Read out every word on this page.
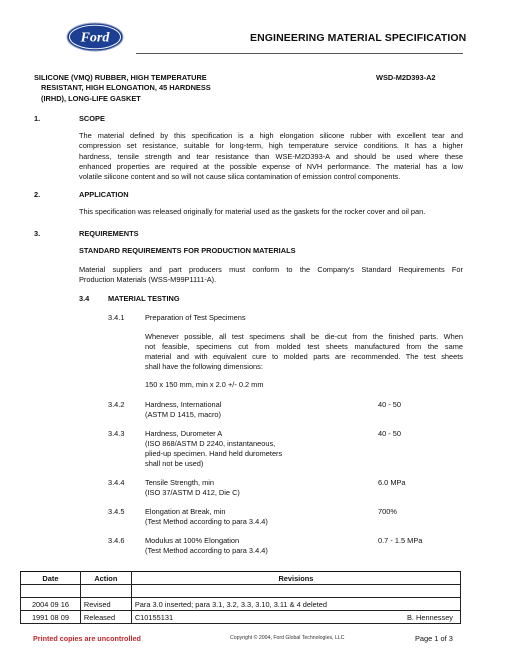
Ford	ENGINEERING MATERIAL SPECIFICATION
SILICONE (VMQ) RUBBER, HIGH TEMPERATURE
RESISTANT, HIGH ELONGATION, 45 HARDNESS
(IRHD), LONG-LIFE GASKET
WSD-M2D393-A2
1.	SCOPE
The material defined by this specification is a high elongation silicone rubber with excellent tear and
compression set resistance, suitable for long-term, high temperature service conditions. It has a higher
hardness, tensile strength and tear resistance than WSE-M2D393-A and should be used where these
enhanced properties are required at the possible expense of NVH performance. The material has a low
volatile silicone content and so will not cause silica contamination of emission control components.
2.	APPLICATION
This specification was released originally for material used as the gaskets for the rocker cover and oil pan.
3.	REQUIREMENTS
STANDARD REQUIREMENTS FOR PRODUCTION MATERIALS
Material suppliers and part producers must conform to the Company's Standard Requirements For
Production Materials (WSS-M99P1111-A).
3.4	MATERIAL TESTING
3.4.1	Preparation of Test Specimens
Whenever possible, all test specimens shall be die-cut from the finished parts. When
not feasible, specimens cut from molded test sheets manufactured from the same
material and with equivalent cure to molded parts are recommended. The test sheets
shall have the following dimensions:
150 x 150 mm, min x 2.0 +/- 0.2 mm
3.4.2	Hardness, International
(ASTM D 1415, macro)
40 - 50
3.4.3	Hardness, Durometer A
(ISO 868/ASTM D 2240, instantaneous,
plied-up specimen. Hand held durometers
shall not be used)
40 - 50
3.4.4	Tensile Strength, min
(ISO 37/ASTM D 412, Die C)
6.0 MPa
3.4.5	Elongation at Break, min
(Test Method according to para 3.4.4)
700%
3.4.6	Modulus at 100% Elongation
(Test Method according to para 3.4.4)
0.7 - 1.5 MPa
Date	Action	Revisions

2004 09 16	Revised	Para 3.0 inserted; para 3.1, 3.2, 3.3, 3.10, 3.11 & 4 deleted
1991 08 09	Released	C10155131 B. Hennessey
Printed copies are uncontrolled	Copyright © 2004, Ford Global Technologies, LLC	Page 1 of 3
